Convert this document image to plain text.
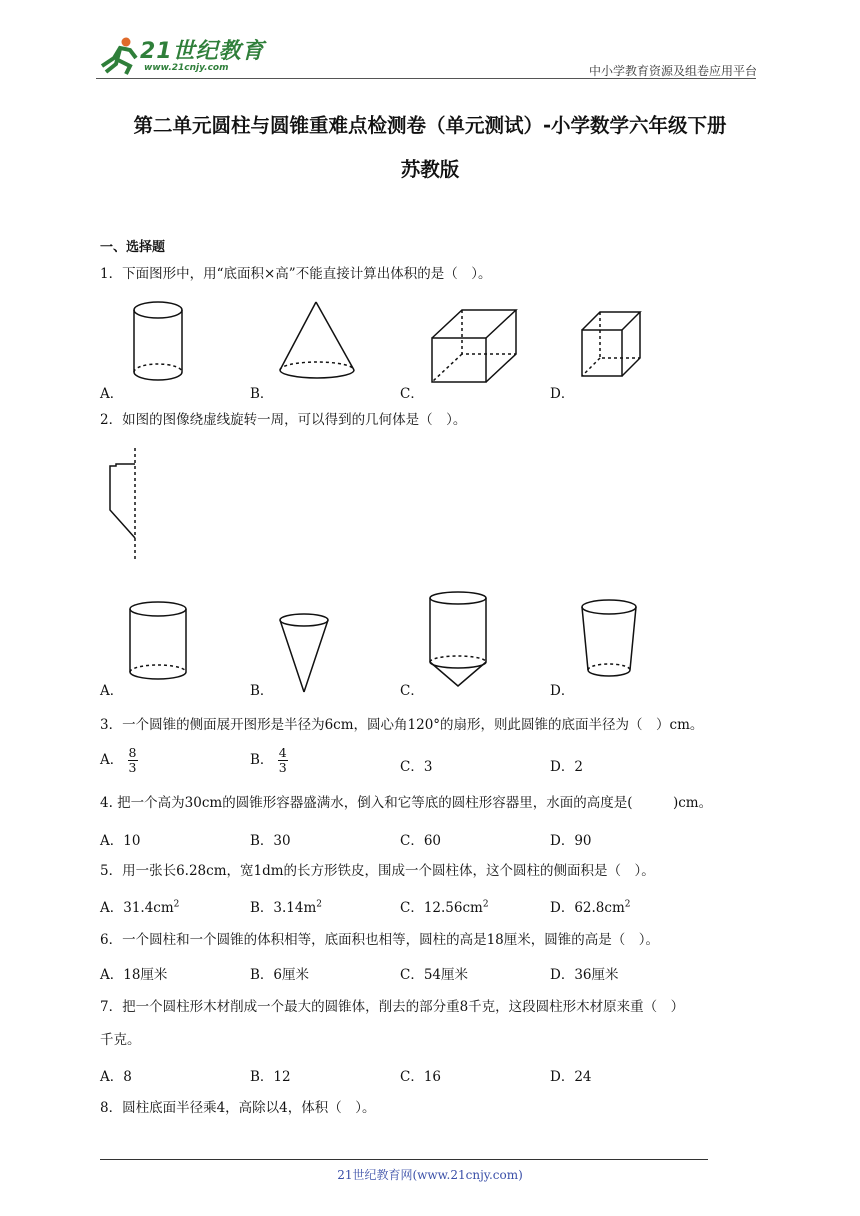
21世纪教育
www.21cnjy.com	中小学教育资源及组卷应用平台
第二单元圆柱与圆锥重难点检测卷（单元测试）-小学数学六年级下册
苏教版
一、选择题
1．下面图形中，用“底面积×高”不能直接计算出体积的是（　）。
A．	B．	C．	D．
2．如图的图像绕虚线旋转一周，可以得到的几何体是（　）。
A．	B．	C．	D．
3．一个圆锥的侧面展开图形是半径为6cm，圆心角120°的扇形，则此圆锥的底面半径为（　）cm。
A． $\frac{8}{3}$	B． $\frac{4}{3}$	C．3	D．2
4. 把一个高为30cm的圆锥形容器盛满水，倒入和它等底的圆柱形容器里，水面的高度是(　　　)cm。
A．10	B．30	C．60	D．90
5．用一张长6.28cm，宽1dm的长方形铁皮，围成一个圆柱体，这个圆柱的侧面积是（　）。
A．$31.4cm^2$	B．$3.14m^2$	C．$12.56cm^2$	D．$62.8cm^2$
6．一个圆柱和一个圆锥的体积相等，底面积也相等，圆柱的高是18厘米，圆锥的高是（　）。
A．18厘米	B．6厘米	C．54厘米	D．36厘米
7．把一个圆柱形木材削成一个最大的圆锥体，削去的部分重8千克，这段圆柱形木材原来重（　）
千克。
A．8	B．12	C．16	D．24
8．圆柱底面半径乘4，高除以4，体积（　）。
21世纪教育网(www.21cnjy.com)
